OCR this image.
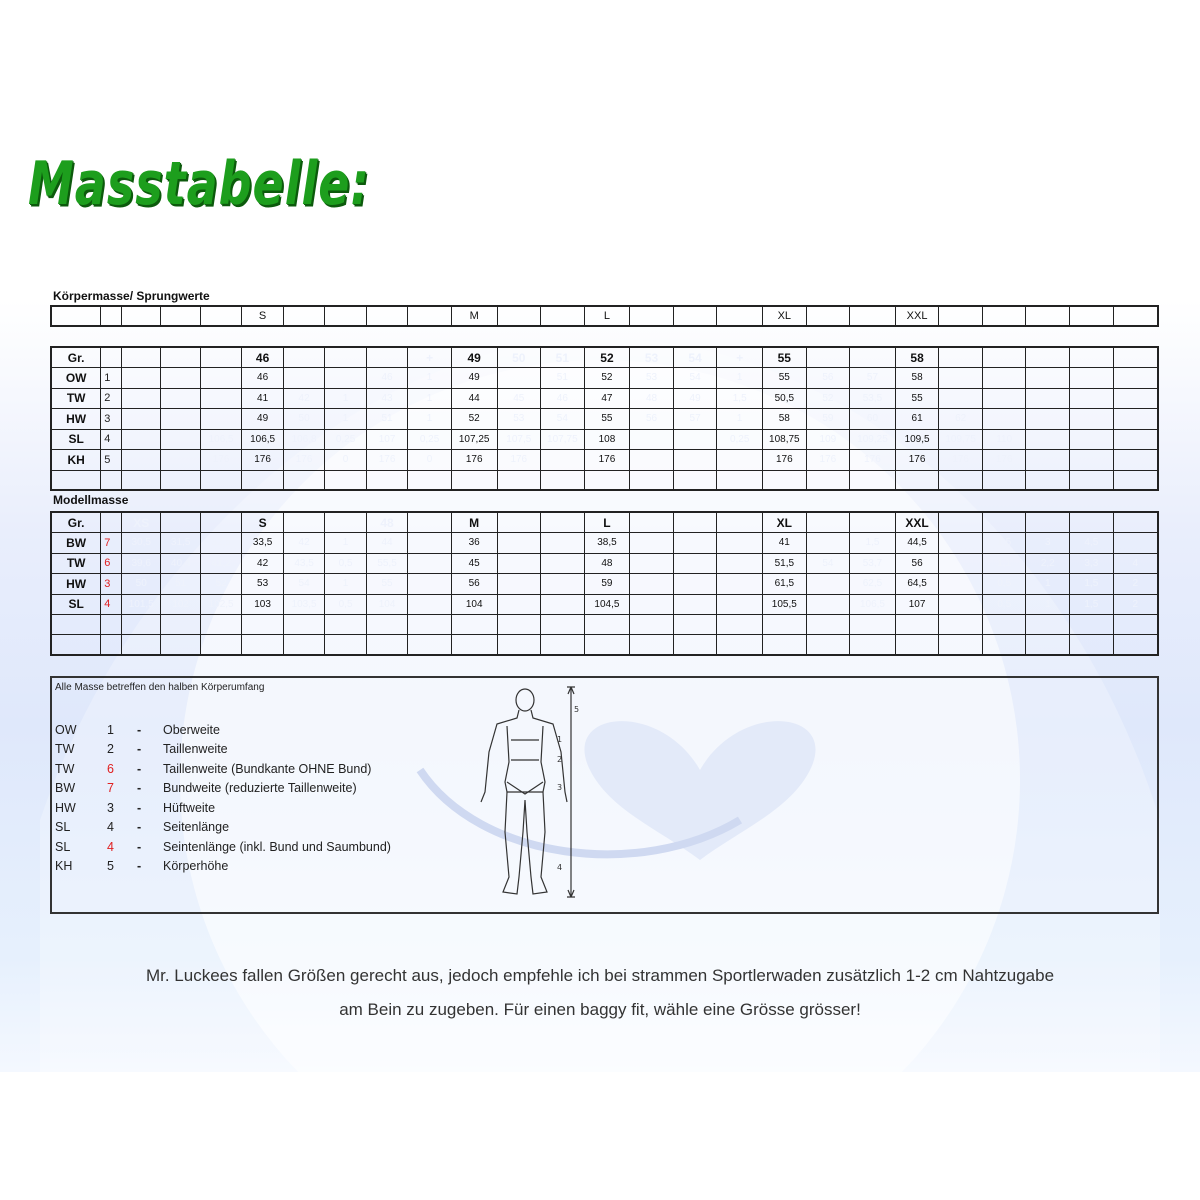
Masstabelle:
Körpermasse/ Sprungwerte
					S					M			L				XL			XXL					
Gr.					46				+	49	50	51	52	53	54	+	55			58					
OW	1				46			46	1	49		51	52	53	54	1	55	56	57	58					
TW	2				41	42	1	43	1	44	45	46	47	48	49	1,5	50,5	52	53,5	55					
HW	3				49	50	1	51	1	52	53	54	55	56	57	1	58	59	60	61	62				
SL	4			106,5	106,5	106,8	0,25	107	0,25	107,25	107,5	107,75	108			0,25	108,75	109	109,25	109,5	109,75	110			
KH	5			176	176	176	0	176	0	176	176		176				176	176	176	176	176	176			

Modellmasse
Gr.		XS			S			48		M			L				XL			XXL					
BW	7	30,5	31,5	32,5	33,5	42	1	44		36			38,5				41		1,5	44,5		1,5	3	4,5	
TW	6	39,6	40,4	41,2	42	43,5	0,5	55,5		45			48				51,5	54	53,7	56		1,1	2,2	3,3	4
HW	3	50	51	52	53	54	1	55		56			59				61,5		62,5	64,5		0,5	1	1,5	2
SL	4	101,5	102	102,5	103	103,5	0,5	104		104			104,5				105,5		106,5	107		0,5	1	1,5	2

Alle Masse betreffen den halben Körperumfang
OW	1	-	Oberweite
TW	2	-	Taillenweite
TW	6	-	Taillenweite (Bundkante OHNE Bund)
BW	7	-	Bundweite (reduzierte Taillenweite)
HW	3	-	Hüftweite
SL	4	-	Seitenlänge
SL	4	-	Seintenlänge (inkl. Bund und Saumbund)
KH	5	-	Körperhöhe
1
2
3
4
5
Mr. Luckees fallen Größen gerecht aus, jedoch empfehle ich bei strammen Sportlerwaden zusätzlich 1-2 cm Nahtzugabe
am Bein zu zugeben. Für einen baggy fit, wähle eine Grösse grösser!
